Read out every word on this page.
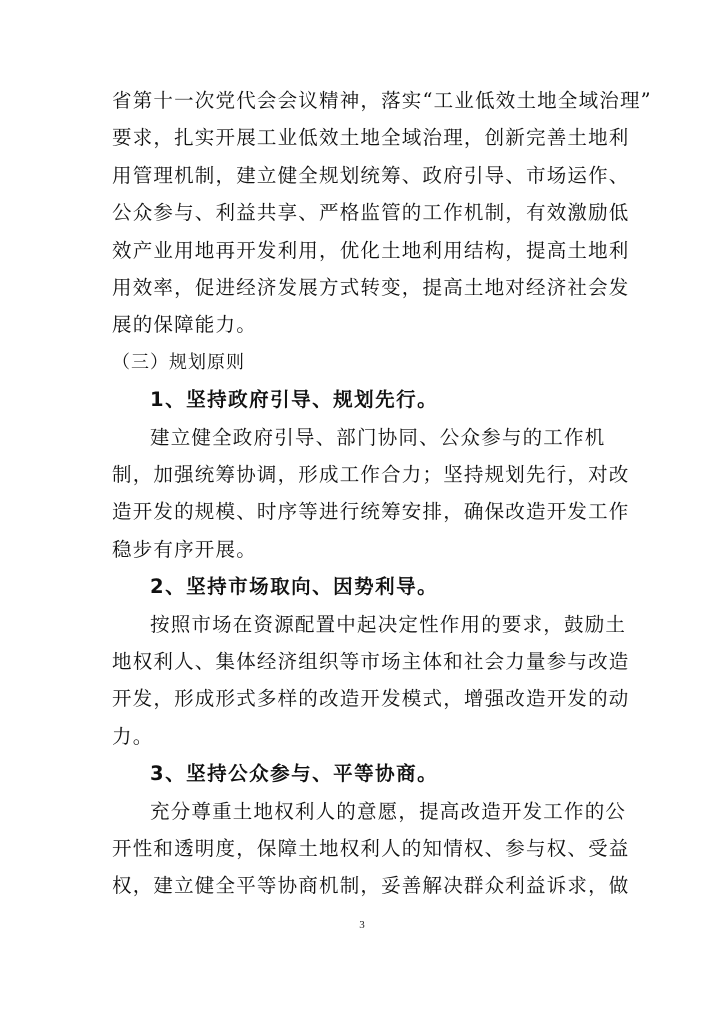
省第十一次党代会会议精神，落实“工业低效土地全域治理”
要求，扎实开展工业低效土地全域治理，创新完善土地利
用管理机制，建立健全规划统筹、政府引导、市场运作、
公众参与、利益共享、严格监管的工作机制，有效激励低
效产业用地再开发利用，优化土地利用结构，提高土地利
用效率，促进经济发展方式转变，提高土地对经济社会发
展的保障能力。
（三）规划原则
1、坚持政府引导、规划先行。
建立健全政府引导、部门协同、公众参与的工作机
制，加强统筹协调，形成工作合力；坚持规划先行，对改
造开发的规模、时序等进行统筹安排，确保改造开发工作
稳步有序开展。
2、坚持市场取向、因势利导。
按照市场在资源配置中起决定性作用的要求，鼓励土
地权利人、集体经济组织等市场主体和社会力量参与改造
开发，形成形式多样的改造开发模式，增强改造开发的动
力。
3、坚持公众参与、平等协商。
充分尊重土地权利人的意愿，提高改造开发工作的公
开性和透明度，保障土地权利人的知情权、参与权、受益
权，建立健全平等协商机制，妥善解决群众利益诉求，做
3
